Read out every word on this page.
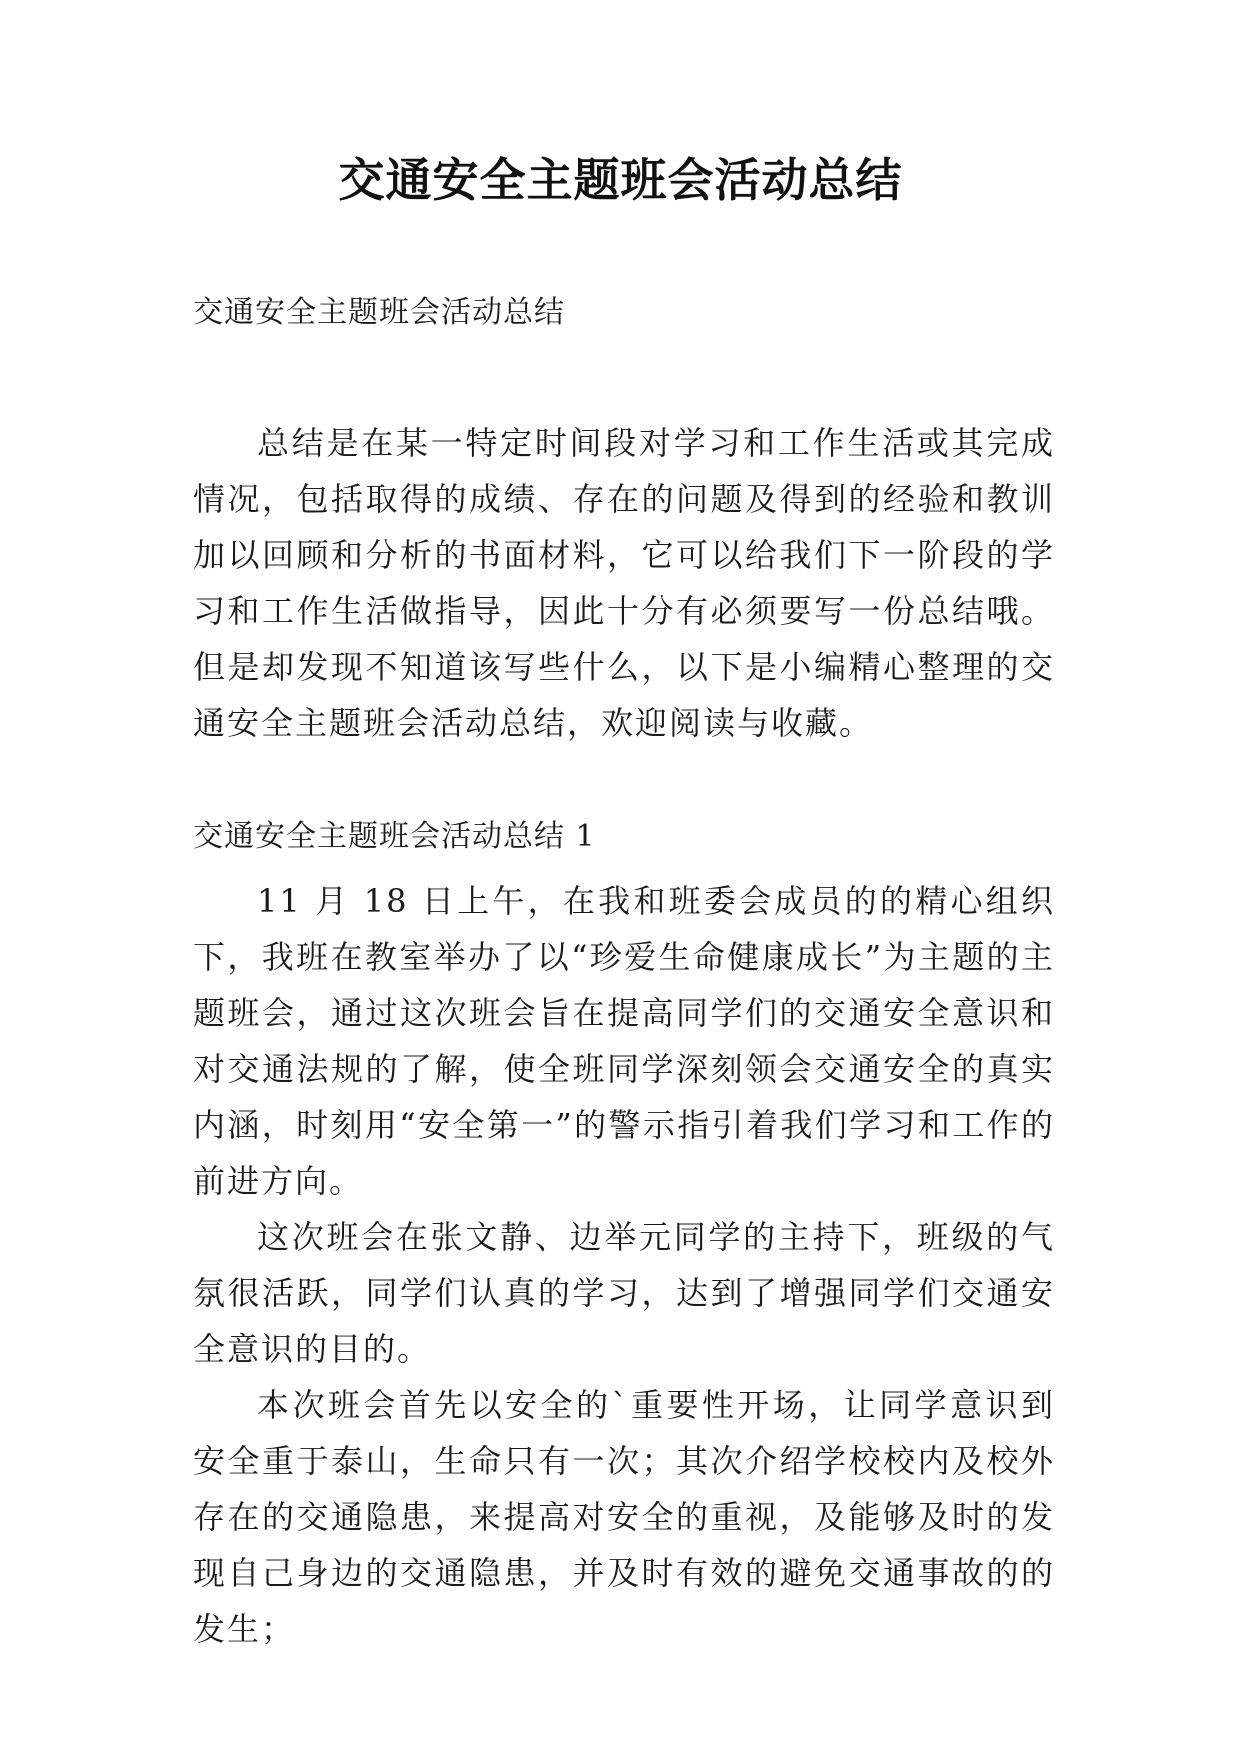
交通安全主题班会活动总结

交通安全主题班会活动总结

总结是在某一特定时间段对学习和工作生活或其完成情况，包括取得的成绩、存在的问题及得到的经验和教训加以回顾和分析的书面材料，它可以给我们下一阶段的学习和工作生活做指导，因此十分有必须要写一份总结哦。但是却发现不知道该写些什么，以下是小编精心整理的交通安全主题班会活动总结，欢迎阅读与收藏。

交通安全主题班会活动总结 1

11 月 18 日上午，在我和班委会成员的的精心组织下，我班在教室举办了以“珍爱生命健康成长”为主题的主题班会，通过这次班会旨在提高同学们的交通安全意识和对交通法规的了解，使全班同学深刻领会交通安全的真实内涵，时刻用“安全第一”的警示指引着我们学习和工作的前进方向。

这次班会在张文静、边举元同学的主持下，班级的气氛很活跃，同学们认真的学习，达到了增强同学们交通安全意识的目的。

本次班会首先以安全的`重要性开场，让同学意识到安全重于泰山，生命只有一次；其次介绍学校校内及校外存在的交通隐患，来提高对安全的重视，及能够及时的发现自己身边的交通隐患，并及时有效的避免交通事故的的发生；
